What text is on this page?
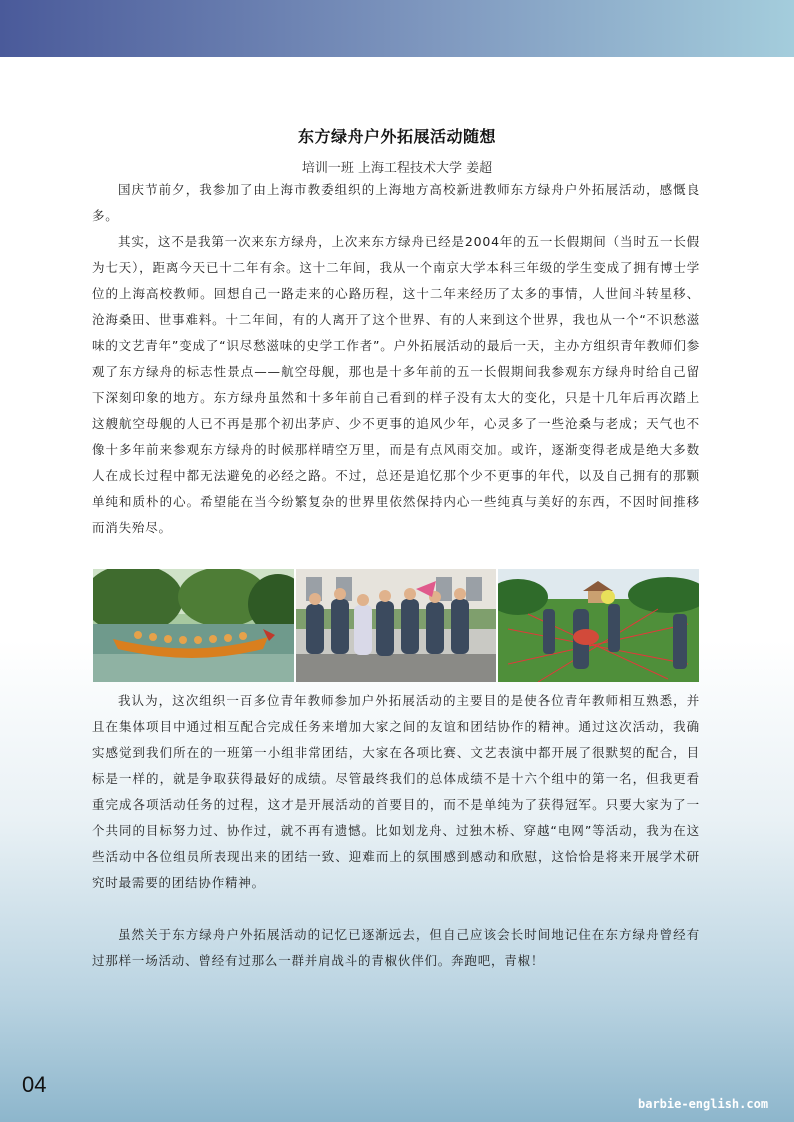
东方绿舟户外拓展活动随想
培训一班 上海工程技术大学 姜超

国庆节前夕，我参加了由上海市教委组织的上海地方高校新进教师东方绿舟户外拓展活动，感慨良多。

其实，这不是我第一次来东方绿舟，上次来东方绿舟已经是2004年的五一长假期间（当时五一长假为七天），距离今天已十二年有余。这十二年间，我从一个南京大学本科三年级的学生变成了拥有博士学位的上海高校教师。回想自己一路走来的心路历程，这十二年来经历了太多的事情，人世间斗转星移、沧海桑田、世事难料。十二年间，有的人离开了这个世界、有的人来到这个世界，我也从一个“不识愁滋味的文艺青年”变成了“识尽愁滋味的史学工作者”。户外拓展活动的最后一天，主办方组织青年教师们参观了东方绿舟的标志性景点——航空母舰，那也是十多年前的五一长假期间我参观东方绿舟时给自己留下深刻印象的地方。东方绿舟虽然和十多年前自己看到的样子没有太大的变化，只是十几年后再次踏上这艘航空母舰的人已不再是那个初出茅庐、少不更事的追风少年，心灵多了一些沧桑与老成；天气也不像十多年前来参观东方绿舟的时候那样晴空万里，而是有点风雨交加。或许，逐渐变得老成是绝大多数人在成长过程中都无法避免的必经之路。不过，总还是追忆那个少不更事的年代，以及自己拥有的那颗单纯和质朴的心。希望能在当今纷繁复杂的世界里依然保持内心一些纯真与美好的东西，不因时间推移而消失殆尽。

我认为，这次组织一百多位青年教师参加户外拓展活动的主要目的是使各位青年教师相互熟悉，并且在集体项目中通过相互配合完成任务来增加大家之间的友谊和团结协作的精神。通过这次活动，我确实感觉到我们所在的一班第一小组非常团结，大家在各项比赛、文艺表演中都开展了很默契的配合，目标是一样的，就是争取获得最好的成绩。尽管最终我们的总体成绩不是十六个组中的第一名，但我更看重完成各项活动任务的过程，这才是开展活动的首要目的，而不是单纯为了获得冠军。只要大家为了一个共同的目标努力过、协作过，就不再有遗憾。比如划龙舟、过独木桥、穿越“电网”等活动，我为在这些活动中各位组员所表现出来的团结一致、迎难而上的氛围感到感动和欣慰，这恰恰是将来开展学术研究时最需要的团结协作精神。

虽然关于东方绿舟户外拓展活动的记忆已逐渐远去，但自己应该会长时间地记住在东方绿舟曾经有过那样一场活动、曾经有过那么一群并肩战斗的青椒伙伴们。奔跑吧，青椒！

04
barbie-english.com
